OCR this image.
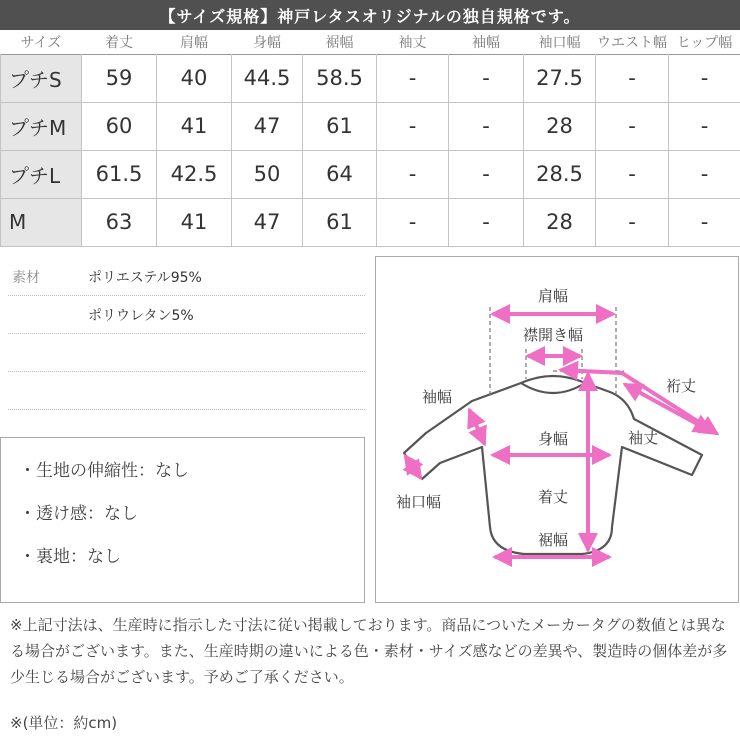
【サイズ規格】神戸レタスオリジナルの独自規格です。
サイズ	着丈	肩幅	身幅	裾幅	袖丈	袖幅	袖口幅	ウエスト幅	ヒップ幅
プチS	59	40	44.5	58.5	-	-	27.5	-	-
プチM	60	41	47	61	-	-	28	-	-
プチL	61.5	42.5	50	64	-	-	28.5	-	-
M	63	41	47	61	-	-	28	-	-
素材	ポリエステル95%
ポリウレタン5%
・生地の伸縮性：なし
・透け感：なし
・裏地：なし
肩幅
襟開き幅
裄丈
袖幅
袖丈
身幅
袖口幅	着丈
裾幅
※上記寸法は、生産時に指示した寸法に従い掲載しております。商品についたメーカータグの数値とは異なる場合がございます。また、生産時期の違いによる色・素材・サイズ感などの差異や、製造時の個体差が多少生じる場合がございます。予めご了承ください。
※(単位：約cm)
